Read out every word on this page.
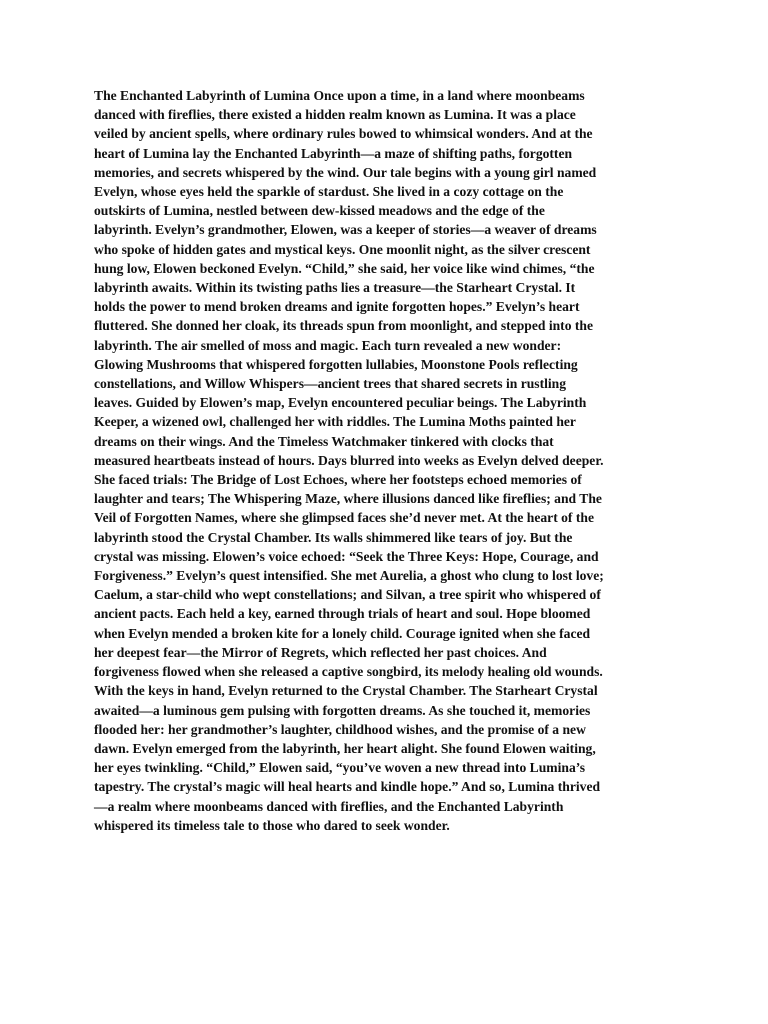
The Enchanted Labyrinth of Lumina Once upon a time, in a land where moonbeams
danced with fireflies, there existed a hidden realm known as Lumina. It was a place
veiled by ancient spells, where ordinary rules bowed to whimsical wonders. And at the
heart of Lumina lay the Enchanted Labyrinth—a maze of shifting paths, forgotten
memories, and secrets whispered by the wind. Our tale begins with a young girl named
Evelyn, whose eyes held the sparkle of stardust. She lived in a cozy cottage on the
outskirts of Lumina, nestled between dew-kissed meadows and the edge of the
labyrinth. Evelyn’s grandmother, Elowen, was a keeper of stories—a weaver of dreams
who spoke of hidden gates and mystical keys. One moonlit night, as the silver crescent
hung low, Elowen beckoned Evelyn. “Child,” she said, her voice like wind chimes, “the
labyrinth awaits. Within its twisting paths lies a treasure—the Starheart Crystal. It
holds the power to mend broken dreams and ignite forgotten hopes.” Evelyn’s heart
fluttered. She donned her cloak, its threads spun from moonlight, and stepped into the
labyrinth. The air smelled of moss and magic. Each turn revealed a new wonder:
Glowing Mushrooms that whispered forgotten lullabies, Moonstone Pools reflecting
constellations, and Willow Whispers—ancient trees that shared secrets in rustling
leaves. Guided by Elowen’s map, Evelyn encountered peculiar beings. The Labyrinth
Keeper, a wizened owl, challenged her with riddles. The Lumina Moths painted her
dreams on their wings. And the Timeless Watchmaker tinkered with clocks that
measured heartbeats instead of hours. Days blurred into weeks as Evelyn delved deeper.
She faced trials: The Bridge of Lost Echoes, where her footsteps echoed memories of
laughter and tears; The Whispering Maze, where illusions danced like fireflies; and The
Veil of Forgotten Names, where she glimpsed faces she’d never met. At the heart of the
labyrinth stood the Crystal Chamber. Its walls shimmered like tears of joy. But the
crystal was missing. Elowen’s voice echoed: “Seek the Three Keys: Hope, Courage, and
Forgiveness.” Evelyn’s quest intensified. She met Aurelia, a ghost who clung to lost love;
Caelum, a star-child who wept constellations; and Silvan, a tree spirit who whispered of
ancient pacts. Each held a key, earned through trials of heart and soul. Hope bloomed
when Evelyn mended a broken kite for a lonely child. Courage ignited when she faced
her deepest fear—the Mirror of Regrets, which reflected her past choices. And
forgiveness flowed when she released a captive songbird, its melody healing old wounds.
With the keys in hand, Evelyn returned to the Crystal Chamber. The Starheart Crystal
awaited—a luminous gem pulsing with forgotten dreams. As she touched it, memories
flooded her: her grandmother’s laughter, childhood wishes, and the promise of a new
dawn. Evelyn emerged from the labyrinth, her heart alight. She found Elowen waiting,
her eyes twinkling. “Child,” Elowen said, “you’ve woven a new thread into Lumina’s
tapestry. The crystal’s magic will heal hearts and kindle hope.” And so, Lumina thrived
—a realm where moonbeams danced with fireflies, and the Enchanted Labyrinth
whispered its timeless tale to those who dared to seek wonder.
